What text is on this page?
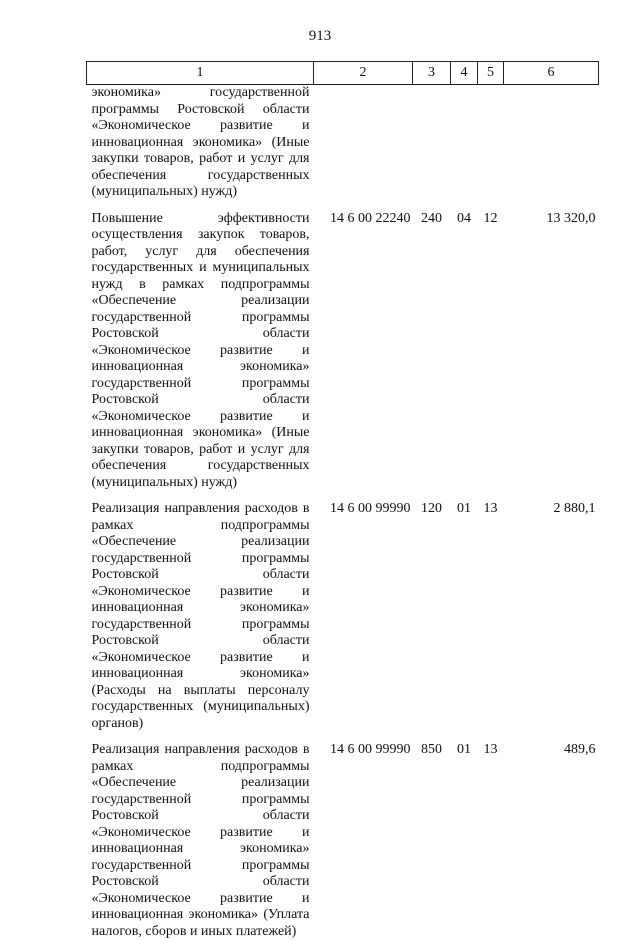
913
1	2	3	4	5	6
экономика» государственной программы Ростовской области «Экономическое развитие и инновационная экономика» (Иные закупки товаров, работ и услуг для обеспечения государственных (муниципальных) нужд)					
Повышение эффективности осуществления закупок товаров, работ, услуг для обеспечения государственных и муниципальных нужд в рамках подпрограммы «Обеспечение реализации государственной программы Ростовской области «Экономическое развитие и инновационная экономика» государственной программы Ростовской области «Экономическое развитие и инновационная экономика» (Иные закупки товаров, работ и услуг для обеспечения государственных (муниципальных) нужд)	14 6 00 22240	240	04	12	13 320,0
Реализация направления расходов в рамках подпрограммы «Обеспечение реализации государственной программы Ростовской области «Экономическое развитие и инновационная экономика» государственной программы Ростовской области «Экономическое развитие и инновационная экономика» (Расходы на выплаты персоналу государственных (муниципальных) органов)	14 6 00 99990	120	01	13	2 880,1
Реализация направления расходов в рамках подпрограммы «Обеспечение реализации государственной программы Ростовской области «Экономическое развитие и инновационная экономика» государственной программы Ростовской области «Экономическое развитие и инновационная экономика» (Уплата налогов, сборов и иных платежей)	14 6 00 99990	850	01	13	489,6
